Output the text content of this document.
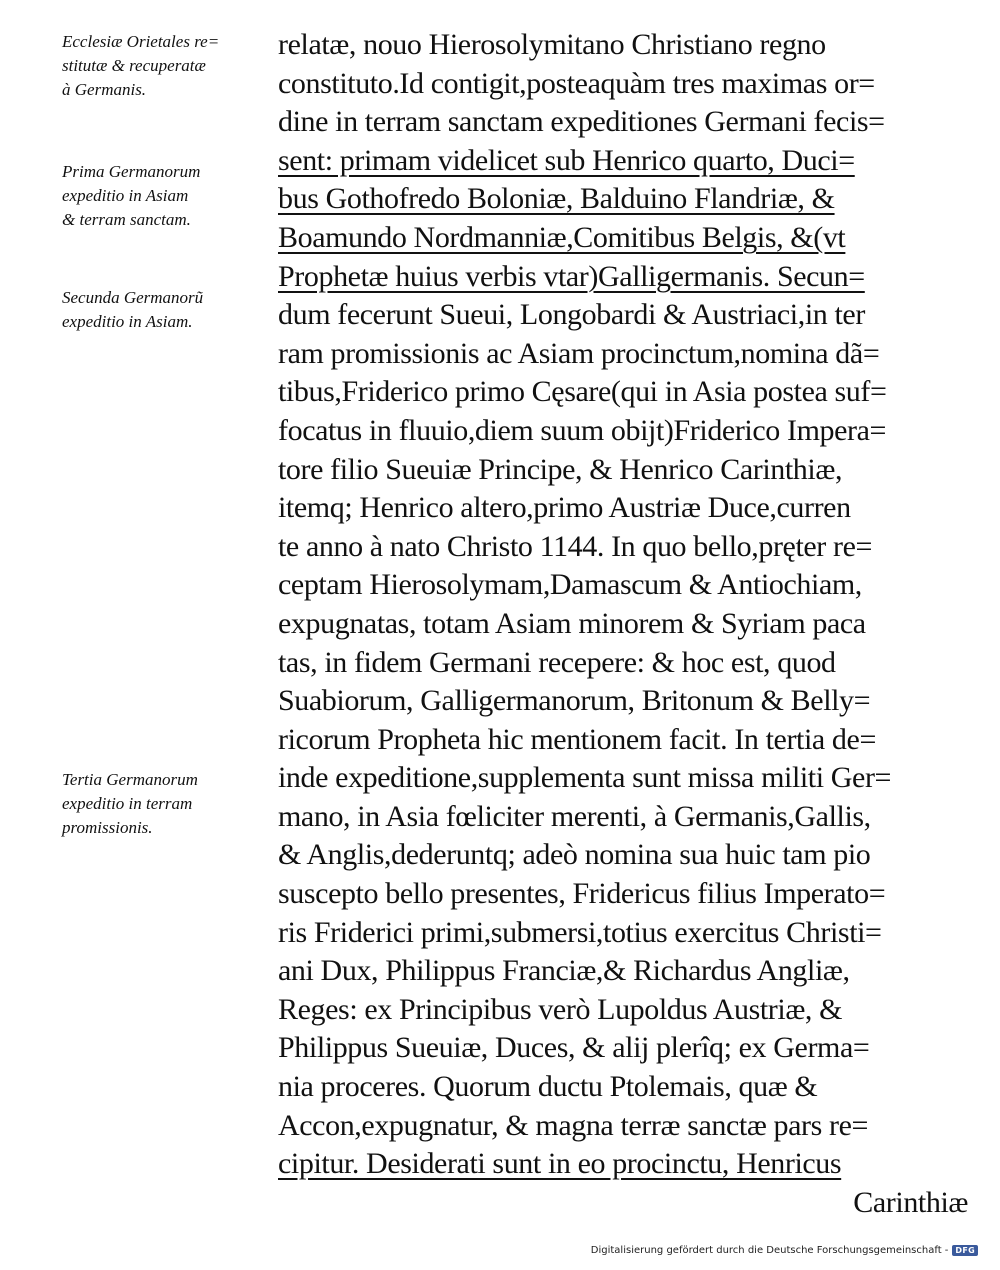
Ecclesiæ Orietales re=
stitutæ & recuperatæ
à Germanis.
Prima Germanorum
expeditio in Asiam
& terram sanctam.
Secunda Germanorũ
expeditio in Asiam.
Tertia Germanorum
expeditio in terram
promissionis.
relatæ, nouo Hierosolymitano Christiano regno
constituto.Id contigit,posteaquàm tres maximas or=
dine in terram sanctam expeditiones Germani fecis=
sent: primam videlicet sub Henrico quarto, Duci=
bus Gothofredo Boloniæ, Balduino Flandriæ, &
Boamundo Nordmanniæ,Comitibus Belgis, &(vt
Prophetæ huius verbis vtar)Galligermanis. Secun=
dum fecerunt Sueui, Longobardi & Austriaci,in ter
ram promissionis ac Asiam procinctum,nomina dã=
tibus,Friderico primo Cęsare(qui in Asia postea suf=
focatus in fluuio,diem suum obijt)Friderico Impera=
tore filio Sueuiæ Principe, & Henrico Carinthiæ,
itemq; Henrico altero,primo Austriæ Duce,curren
te anno à nato Christo 1144. In quo bello,pręter re=
ceptam Hierosolymam,Damascum & Antiochiam,
expugnatas, totam Asiam minorem & Syriam paca
tas, in fidem Germani recepere: & hoc est, quod
Suabiorum, Galligermanorum, Britonum & Belly=
ricorum Propheta hic mentionem facit. In tertia de=
inde expeditione,supplementa sunt missa militi Ger=
mano, in Asia fœliciter merenti, à Germanis,Gallis,
& Anglis,dederuntq; adeò nomina sua huic tam pio
suscepto bello presentes, Fridericus filius Imperato=
ris Friderici primi,submersi,totius exercitus Christi=
ani Dux, Philippus Franciæ,& Richardus Angliæ,
Reges: ex Principibus verò Lupoldus Austriæ, &
Philippus Sueuiæ, Duces, & alij plerîq; ex Germa=
nia proceres. Quorum ductu Ptolemais, quæ &
Accon,expugnatur, & magna terræ sanctæ pars re=
cipitur. Desiderati sunt in eo procinctu, Henricus
Carinthiæ
Digitalisierung gefördert durch die Deutsche Forschungsgemeinschaft - DFG
